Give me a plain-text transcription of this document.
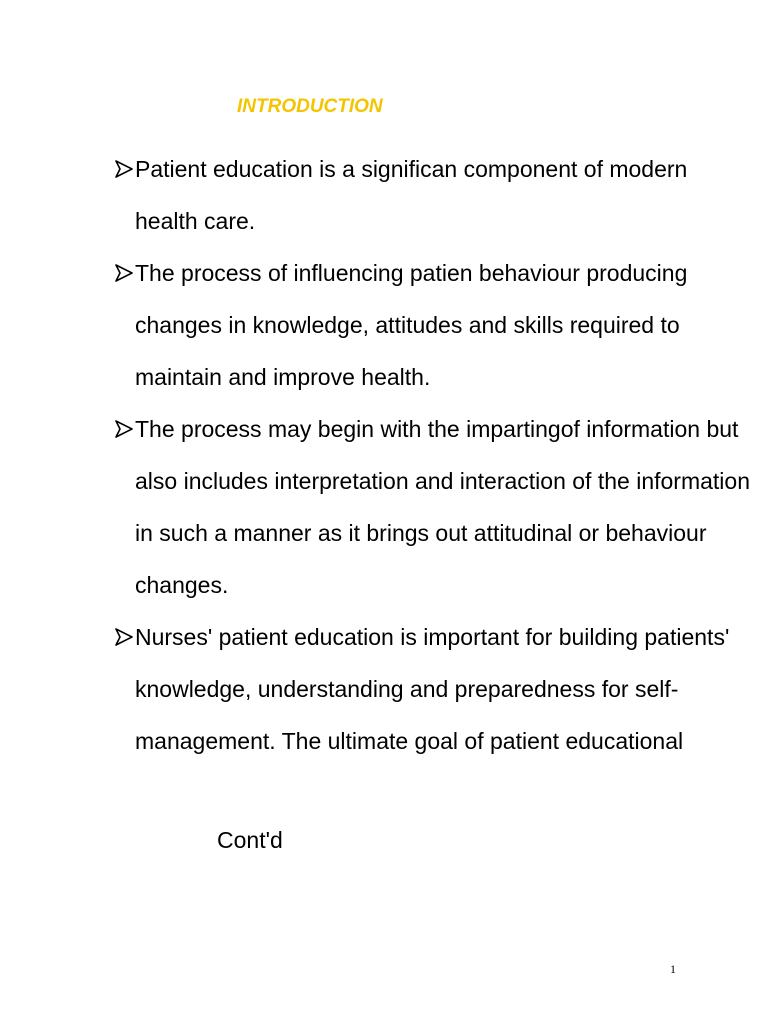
INTRODUCTION
Patient education is a significan component of modern health care.
The process of influencing patien behaviour producing changes in knowledge, attitudes and skills required to maintain and improve health.
The process may begin with the impartingof information but also includes interpretation and interaction of the information in such a manner as it brings out attitudinal or behaviour changes.
Nurses' patient education is important for building patients' knowledge, understanding and preparedness for self-management. The ultimate goal of patient educational
Cont'd
1
